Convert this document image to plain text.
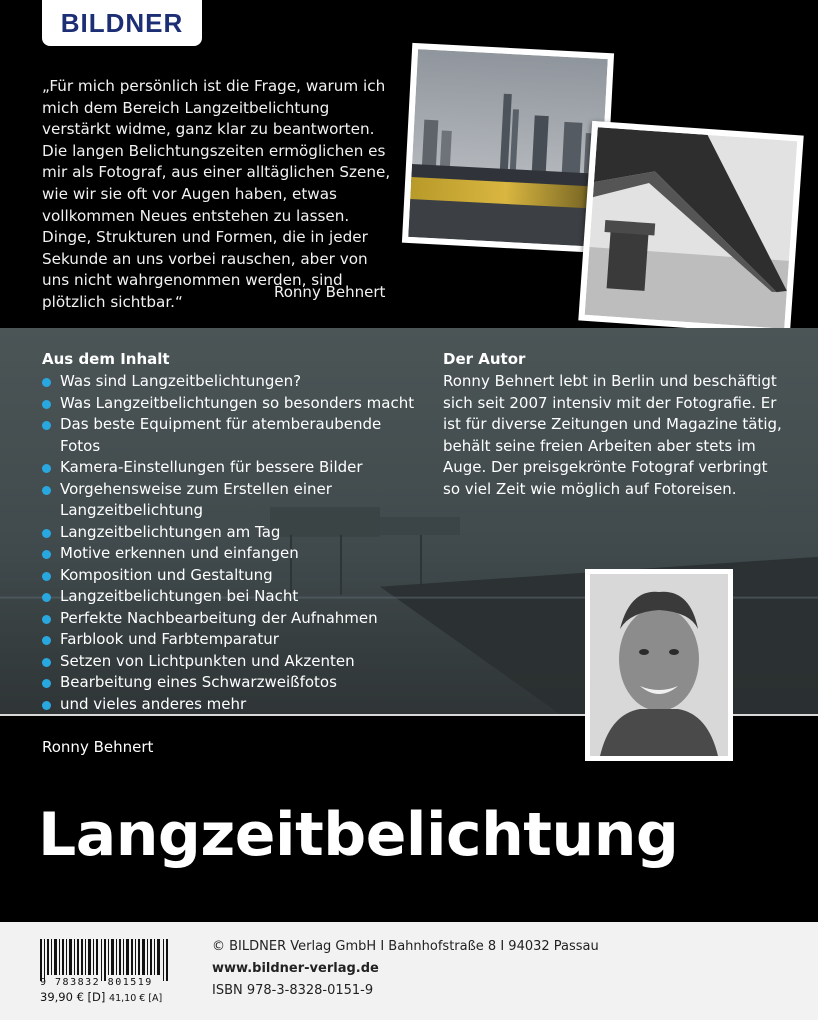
BILDNER

„Für mich persönlich ist die Frage, warum ich mich dem Bereich Langzeitbelichtung verstärkt widme, ganz klar zu beantworten. Die langen Belichtungszeiten ermöglichen es mir als Fotograf, aus einer alltäglichen Szene, wie wir sie oft vor Augen haben, etwas vollkommen Neues entstehen zu lassen. Dinge, Strukturen und Formen, die in jeder Sekunde an uns vorbei rauschen, aber von uns nicht wahrgenommen werden, sind plötzlich sichtbar.“

Ronny Behnert

Aus dem Inhalt
Was sind Langzeitbelichtungen?
Was Langzeitbelichtungen so besonders macht
Das beste Equipment für atemberaubende Fotos
Kamera-Einstellungen für bessere Bilder
Vorgehensweise zum Erstellen einer Langzeitbelichtung
Langzeitbelichtungen am Tag
Motive erkennen und einfangen
Komposition und Gestaltung
Langzeitbelichtungen bei Nacht
Perfekte Nachbearbeitung der Aufnahmen
Farblook und Farbtemparatur
Setzen von Lichtpunkten und Akzenten
Bearbeitung eines Schwarzweißfotos
und vieles anderes mehr
Der Autor

Ronny Behnert lebt in Berlin und beschäftigt sich seit 2007 intensiv mit der Fotografie. Er ist für diverse Zeitungen und Magazine tätig, behält seine freien Arbeiten aber stets im Auge. Der preisgekrönte Fotograf verbringt so viel Zeit wie möglich auf Fotoreisen.

Ronny Behnert

Langzeitbelichtung
9 783832 801519
39,90 € [D] 41,10 € [A]
© BILDNER Verlag GmbH I Bahnhofstraße 8 I 94032 Passau
www.bildner-verlag.de
ISBN 978-3-8328-0151-9
